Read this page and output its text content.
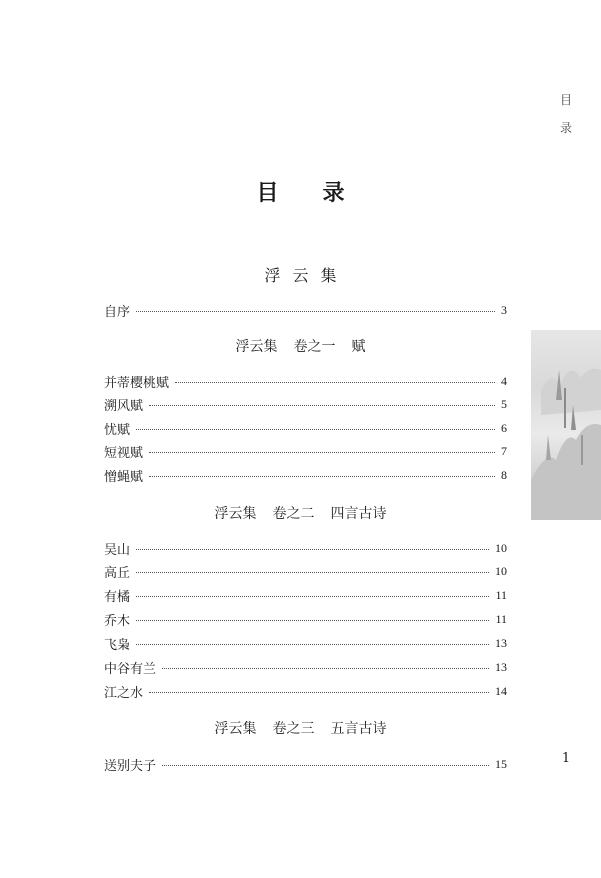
目
录
目 录
浮云集
自序	3
浮云集 卷之一 赋
并蒂樱桃赋	4
溯风赋	5
忧赋	6
短视赋	7
憎蝇赋	8
浮云集 卷之二 四言古诗
吴山	10
高丘	10
有橘	11
乔木	11
飞枭	13
中谷有兰	13
江之水	14
浮云集 卷之三 五言古诗
送别夫子	15	1
